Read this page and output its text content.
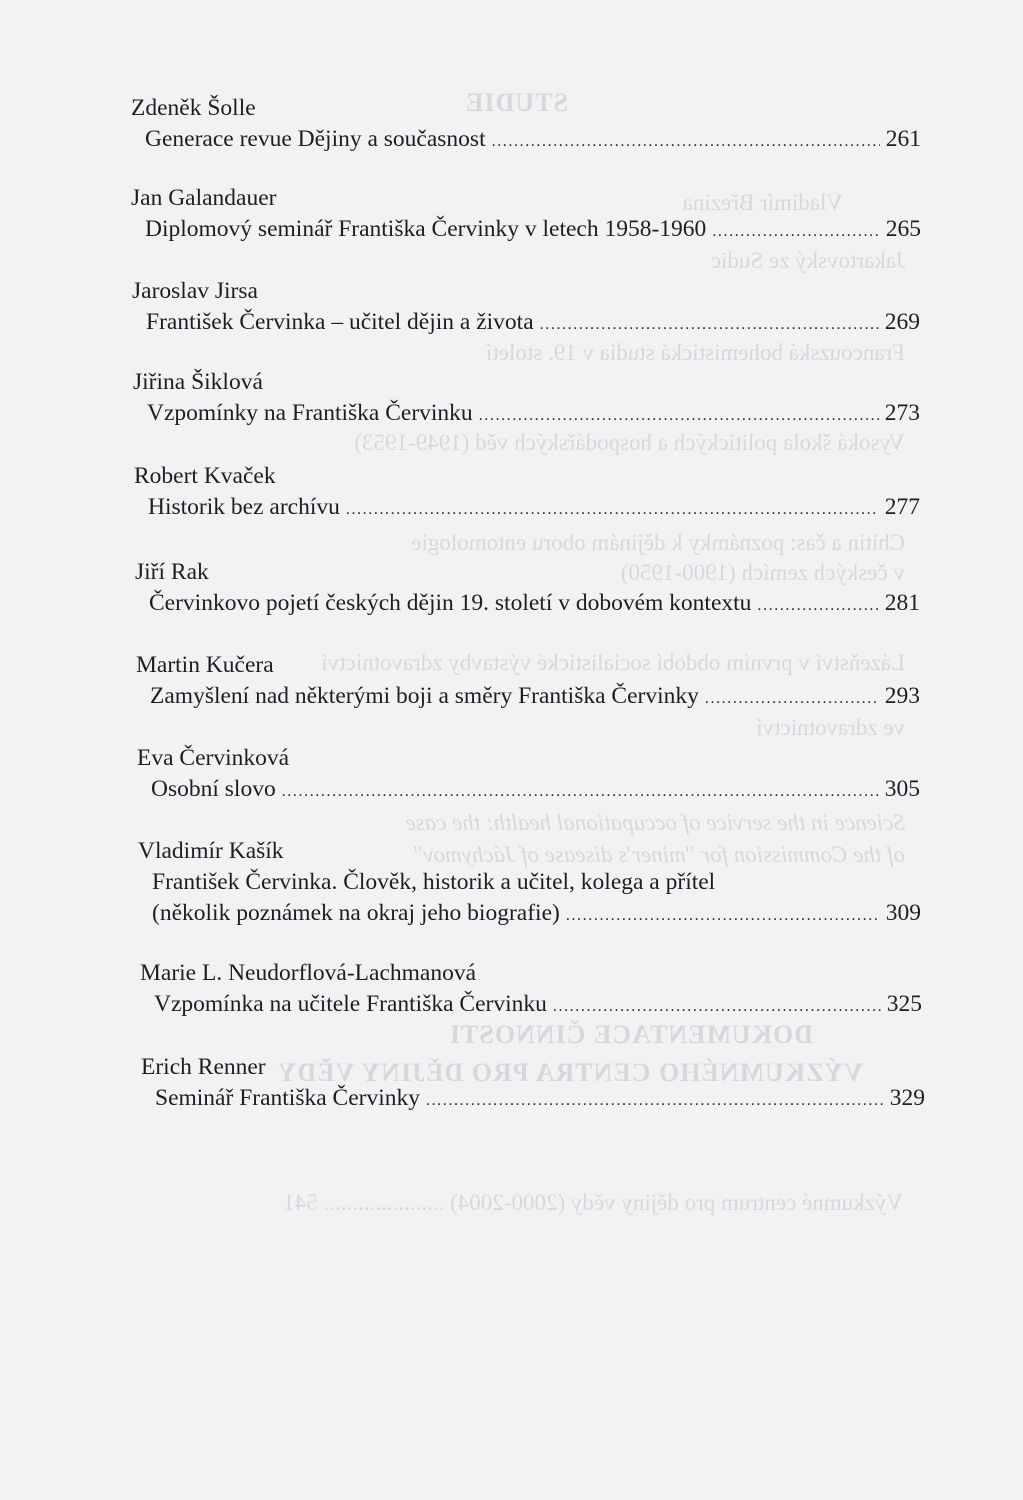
STUDIE
Vladimír Březina
Jakartovský ze Sudic
Francouzská bohemistická studia v 19. století
Vysoká škola politických a hospodářských věd (1949-1953)
Chitin a čas: poznámky k dějinám oboru entomologie
v českých zemích (1900-1950)
Lázeňství v prvním období socialistické výstavby zdravotnictví
ve zdravotnictví
Science in the service of occupational health: the case
of the Commission for "miner's disease of Jáchymov"
DOKUMENTACE ČINNOSTI
VÝZKUMNÉHO CENTRA PRO DĚJINY VĚDY
Výzkumné centrum pro dějiny vědy (2000-2004) ..................... 541
Zdeněk Šolle
Generace revue Dějiny a současnost .....	261
Jan Galandauer
Diplomový seminář Františka Červinky v letech 1958-1960 .....	265
Jaroslav Jirsa
František Červinka – učitel dějin a života .....	269
Jiřina Šiklová
Vzpomínky na Františka Červinku .....	273
Robert Kvaček
Historik bez archívu .....	277
Jiří Rak
Červinkovo pojetí českých dějin 19. století v dobovém kontextu .....	281
Martin Kučera
Zamyšlení nad některými boji a směry Františka Červinky .....	293
Eva Červinková
Osobní slovo .....	305
Vladimír Kašík
František Červinka. Člověk, historik a učitel, kolega a přítel
(několik poznámek na okraj jeho biografie) .....	309
Marie L. Neudorflová-Lachmanová
Vzpomínka na učitele Františka Červinku .....	325
Erich Renner
Seminář Františka Červinky .....	329
